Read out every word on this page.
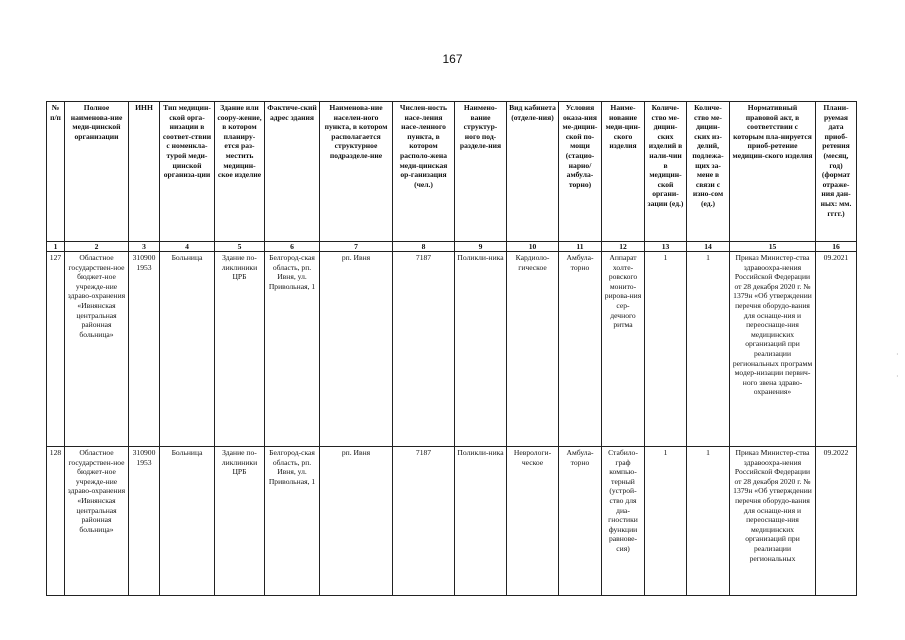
167
№ п/п	Полное наименова-ние меди-цинской организации	ИНН	Тип медицин-ской орга-низации в соответ-ствии с номенкла-турой меди-цинской организа-ции	Здание или соору-жение, в котором планиру-ется раз-местить медицин-ское изделие	Фактиче-ский адрес здания	Наименова-ние населен-ного пункта, в котором располагается структурное подразделе-ние	Числен-ность насе-ления насе-ленного пункта, в котором располо-жена меди-цинская ор-ганизация (чел.)	Наимено-вание структур-ного под-разделе-ния	Вид кабинета (отделе-ния)	Условия оказа-ния ме-дицин-ской по-мощи (стацио-нарно/ амбула-торно)	Наиме-нование меди-цин-ского изделия	Количе-ство ме-дицин-ских изделий в нали-чии в медицин-ской органи-зации (ед.)	Количе-ство ме-дицин-ских из-делий, подлежа-щих за-мене в связи с изно-сом (ед.)	Нормативный правовой акт, в соответствии с которым пла-нируется приоб-ретение медицин-ского изделия	Плани-руемая дата приоб-ретения (месяц, год) (формат отраже-ния дан-ных: мм. гггг.)
1	2	3	4	5	6	7	8	9	10	11	12	13	14	15	16
127	Областное государствен-ное бюджет-ное учрежде-ние здраво-охранения «Ивнянская центральная районная больница»	310900 1953	Больница	Здание по-ликлиники ЦРБ	Белгород-ская область, рп. Ивня, ул. Привольная, 1	рп. Ивня	7187	Поликли-ника	Кардиоло-гическое	Амбула-торно	Аппарат холте-ровского монито-рирова-ния сер-дечного ритма	1	1	Приказ Министер-ства здравоохра-нения Российской Федерации от 28 декабря 2020 г. № 1379н «Об утверждении перечня оборудо-вания для оснаще-ния и переоснаще-ния медицинских организаций при реализации региональных программ модер-низации первич-ного звена здраво-охранения»	09.2021
128	Областное государствен-ное бюджет-ное учрежде-ние здраво-охранения «Ивнянская центральная районная больница»	310900 1953	Больница	Здание по-ликлиники ЦРБ	Белгород-ская область, рп. Ивня, ул. Привольная, 1	рп. Ивня	7187	Поликли-ника	Неврологи-ческое	Амбула-торно	Стабило-граф компью-терный (устрой-ство для диа-гностики функции равнове-сия)	1	1	Приказ Министер-ства здравоохра-нения Российской Федерации от 28 декабря 2020 г. № 1379н «Об утверждении перечня оборудо-вания для оснаще-ния и переоснаще-ния медицинских организаций при реализации региональных	09.2022
·
·
